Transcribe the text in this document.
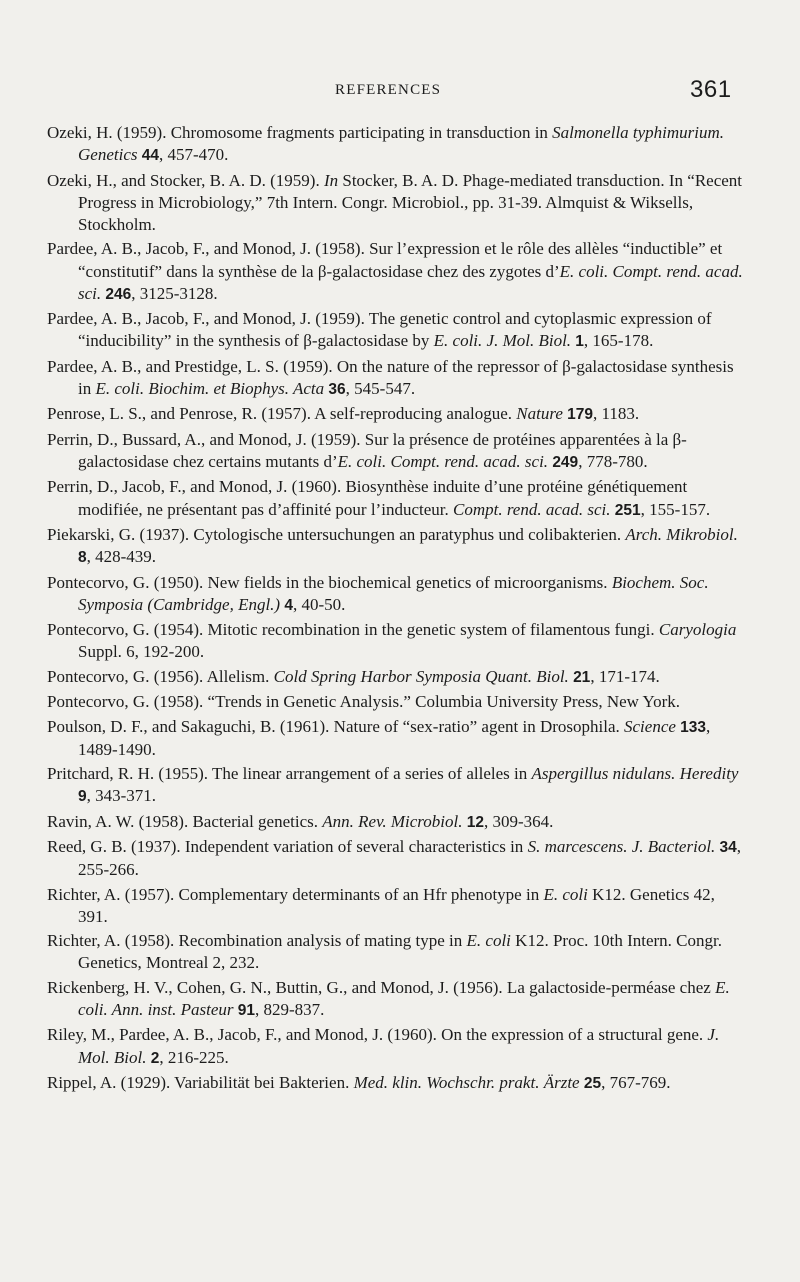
REFERENCES	361

Ozeki, H. (1959). Chromosome fragments participating in transduction in Salmonella typhimurium. Genetics 44, 457-470.

Ozeki, H., and Stocker, B. A. D. (1959). In Stocker, B. A. D. Phage-mediated transduction. In “Recent Progress in Microbiology,” 7th Intern. Congr. Microbiol., pp. 31-39. Almquist & Wiksells, Stockholm.

Pardee, A. B., Jacob, F., and Monod, J. (1958). Sur l’expression et le rôle des allèles “inductible” et “constitutif” dans la synthèse de la β-galactosidase chez des zygotes d’E. coli. Compt. rend. acad. sci. 246, 3125-3128.

Pardee, A. B., Jacob, F., and Monod, J. (1959). The genetic control and cytoplasmic expression of “inducibility” in the synthesis of β-galactosidase by E. coli. J. Mol. Biol. 1, 165-178.

Pardee, A. B., and Prestidge, L. S. (1959). On the nature of the repressor of β-galactosidase synthesis in E. coli. Biochim. et Biophys. Acta 36, 545-547.

Penrose, L. S., and Penrose, R. (1957). A self-reproducing analogue. Nature 179, 1183.

Perrin, D., Bussard, A., and Monod, J. (1959). Sur la présence de protéines apparentées à la β-galactosidase chez certains mutants d’E. coli. Compt. rend. acad. sci. 249, 778-780.

Perrin, D., Jacob, F., and Monod, J. (1960). Biosynthèse induite d’une protéine génétiquement modifiée, ne présentant pas d’affinité pour l’inducteur. Compt. rend. acad. sci. 251, 155-157.

Piekarski, G. (1937). Cytologische untersuchungen an paratyphus und colibakterien. Arch. Mikrobiol. 8, 428-439.

Pontecorvo, G. (1950). New fields in the biochemical genetics of microorganisms. Biochem. Soc. Symposia (Cambridge, Engl.) 4, 40-50.

Pontecorvo, G. (1954). Mitotic recombination in the genetic system of filamentous fungi. Caryologia Suppl. 6, 192-200.

Pontecorvo, G. (1956). Allelism. Cold Spring Harbor Symposia Quant. Biol. 21, 171-174.

Pontecorvo, G. (1958). “Trends in Genetic Analysis.” Columbia University Press, New York.

Poulson, D. F., and Sakaguchi, B. (1961). Nature of “sex-ratio” agent in Drosophila. Science 133, 1489-1490.

Pritchard, R. H. (1955). The linear arrangement of a series of alleles in Aspergillus nidulans. Heredity 9, 343-371.

Ravin, A. W. (1958). Bacterial genetics. Ann. Rev. Microbiol. 12, 309-364.

Reed, G. B. (1937). Independent variation of several characteristics in S. marcescens. J. Bacteriol. 34, 255-266.

Richter, A. (1957). Complementary determinants of an Hfr phenotype in E. coli K12. Genetics 42, 391.

Richter, A. (1958). Recombination analysis of mating type in E. coli K12. Proc. 10th Intern. Congr. Genetics, Montreal 2, 232.

Rickenberg, H. V., Cohen, G. N., Buttin, G., and Monod, J. (1956). La galactoside-perméase chez E. coli. Ann. inst. Pasteur 91, 829-837.

Riley, M., Pardee, A. B., Jacob, F., and Monod, J. (1960). On the expression of a structural gene. J. Mol. Biol. 2, 216-225.

Rippel, A. (1929). Variabilität bei Bakterien. Med. klin. Wochschr. prakt. Ärzte 25, 767-769.
